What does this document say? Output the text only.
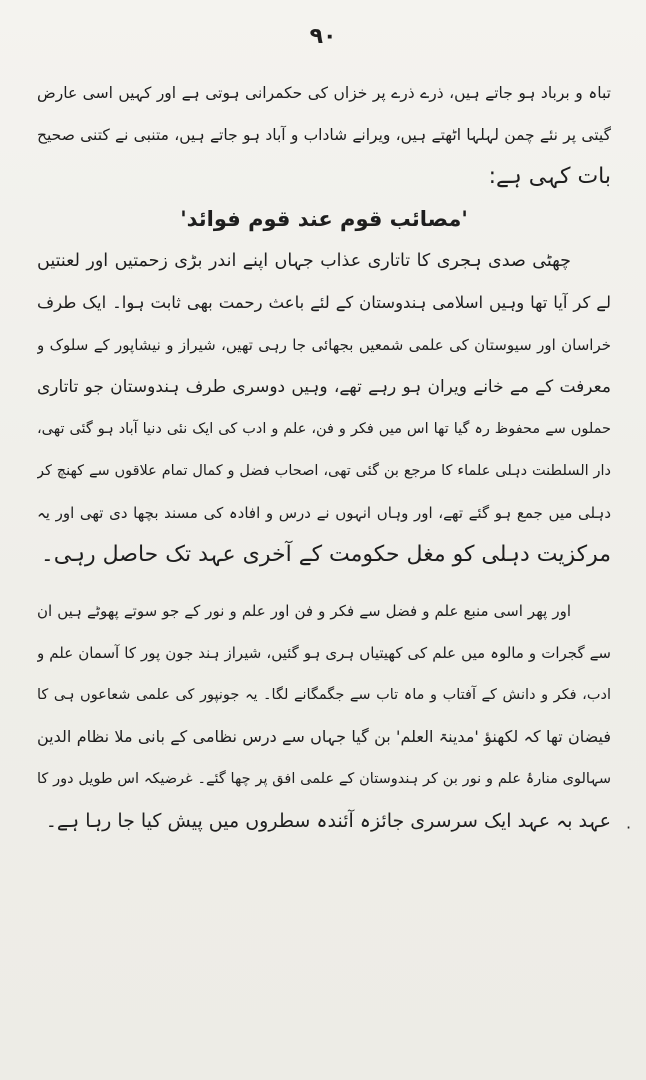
۹۰
تباہ و برباد ہو جاتے ہیں، ذرے ذرے پر خزاں کی حکمرانی ہوتی ہے اور کہیں اسی عارض
گیتی پر نئے چمن لہلہا اٹھتے ہیں، ویرانے شاداب و آباد ہو جاتے ہیں، متنبی نے کتنی صحیح
بات کہی ہے:
'مصائب قوم عند قوم فوائد'
چھٹی صدی ہجری کا تاتاری عذاب جہاں اپنے اندر بڑی زحمتیں اور لعنتیں
لے کر آیا تھا وہیں اسلامی ہندوستان کے لئے باعث رحمت بھی ثابت ہوا۔ ایک طرف
خراسان اور سیوستان کی علمی شمعیں بجھائی جا رہی تھیں، شیراز و نیشاپور کے سلوک و
معرفت کے مے خانے ویران ہو رہے تھے، وہیں دوسری طرف ہندوستان جو تاتاری
حملوں سے محفوظ رہ گیا تھا اس میں فکر و فن، علم و ادب کی ایک نئی دنیا آباد ہو گئی تھی،
دار السلطنت دہلی علماء کا مرجع بن گئی تھی، اصحاب فضل و کمال تمام علاقوں سے کھنچ کر
دہلی میں جمع ہو گئے تھے، اور وہاں انہوں نے درس و افادہ کی مسند بچھا دی تھی اور یہ
مرکزیت دہلی کو مغل حکومت کے آخری عہد تک حاصل رہی۔
اور پھر اسی منبع علم و فضل سے فکر و فن اور علم و نور کے جو سوتے پھوٹے ہیں ان
سے گجرات و مالوہ میں علم کی کھیتیاں ہری ہو گئیں، شیراز ہند جون پور کا آسمان علم و
ادب، فکر و دانش کے آفتاب و ماہ تاب سے جگمگانے لگا۔ یہ جونپور کی علمی شعاعوں ہی کا
فیضان تھا کہ لکھنؤ 'مدینۃ العلم' بن گیا جہاں سے درس نظامی کے بانی ملا نظام الدین
سہالوی منارۂ علم و نور بن کر ہندوستان کے علمی افق پر چھا گئے۔ غرضیکہ اس طویل دور کا
عہد بہ عہد ایک سرسری جائزہ آئندہ سطروں میں پیش کیا جا رہا ہے۔ ·
